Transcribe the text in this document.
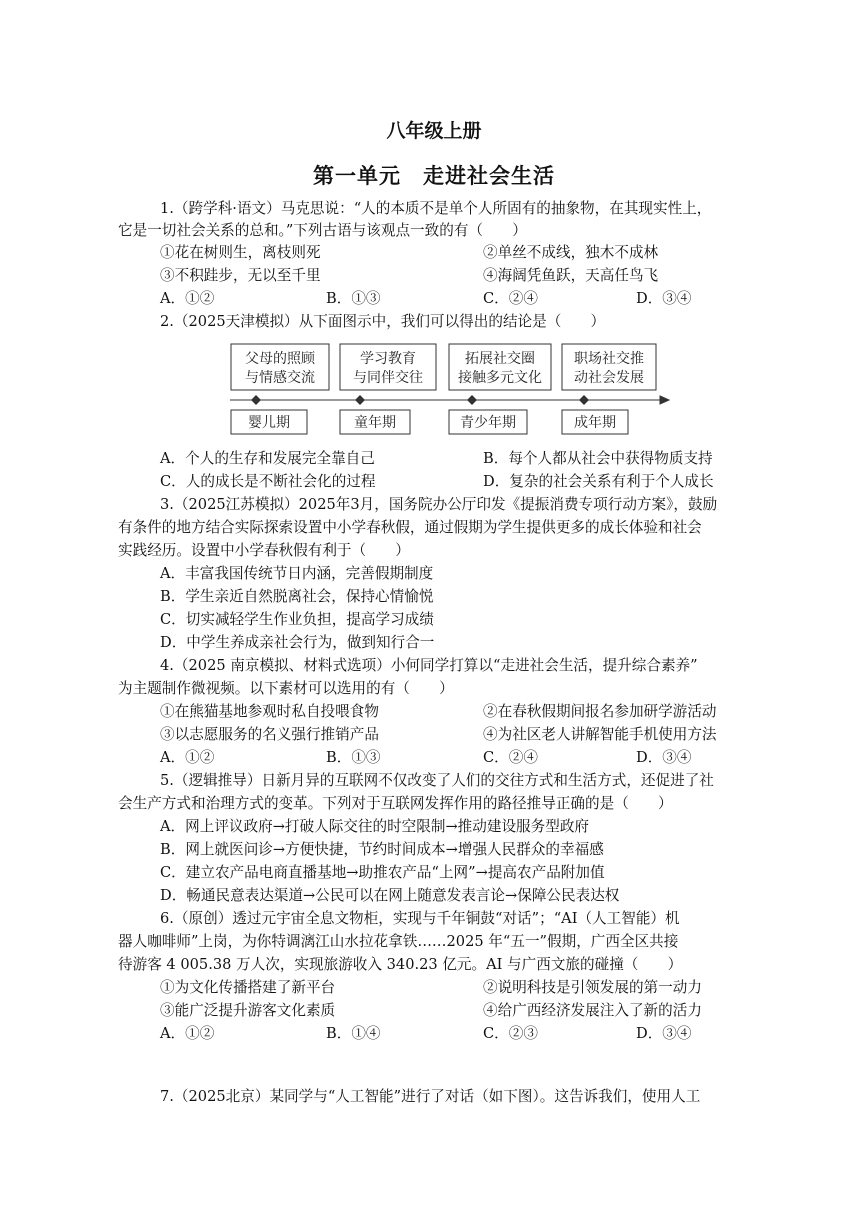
八年级上册
第一单元　走进社会生活
1.（跨学科·语文）马克思说：“人的本质不是单个人所固有的抽象物，在其现实性上，
它是一切社会关系的总和。”下列古语与该观点一致的有（　　）
①花在树则生，离枝则死	②单丝不成线，独木不成林
③不积跬步，无以至千里	④海阔凭鱼跃，天高任鸟飞
A．①②	B．①③	C．②④	D．③④
2.（2025天津模拟）从下面图示中，我们可以得出的结论是（　　）
父母的照顾
与情感交流
学习教育
与同伴交往
拓展社交圈
接触多元文化
职场社交推
动社会发展
婴儿期	童年期	青少年期	成年期
A．个人的生存和发展完全靠自己	B．每个人都从社会中获得物质支持
C．人的成长是不断社会化的过程	D．复杂的社会关系有利于个人成长
3.（2025江苏模拟）2025年3月，国务院办公厅印发《提振消费专项行动方案》，鼓励
有条件的地方结合实际探索设置中小学春秋假，通过假期为学生提供更多的成长体验和社会
实践经历。设置中小学春秋假有利于（　　）
A．丰富我国传统节日内涵，完善假期制度
B．学生亲近自然脱离社会，保持心情愉悦
C．切实减轻学生作业负担，提高学习成绩
D．中学生养成亲社会行为，做到知行合一
4.（2025 南京模拟、材料式选项）小何同学打算以“走进社会生活，提升综合素养”
为主题制作微视频。以下素材可以选用的有（　　）
①在熊猫基地参观时私自投喂食物	②在春秋假期间报名参加研学游活动
③以志愿服务的名义强行推销产品	④为社区老人讲解智能手机使用方法
A．①②	B．①③	C．②④	D．③④
5.（逻辑推导）日新月异的互联网不仅改变了人们的交往方式和生活方式，还促进了社
会生产方式和治理方式的变革。下列对于互联网发挥作用的路径推导正确的是（　　）
A．网上评议政府→打破人际交往的时空限制→推动建设服务型政府
B．网上就医问诊→方便快捷，节约时间成本→增强人民群众的幸福感
C．建立农产品电商直播基地→助推农产品“上网”→提高农产品附加值
D．畅通民意表达渠道→公民可以在网上随意发表言论→保障公民表达权
6.（原创）透过元宇宙全息文物柜，实现与千年铜鼓“对话”；“AI（人工智能）机
器人咖啡师”上岗，为你特调漓江山水拉花拿铁……2025 年“五一”假期，广西全区共接
待游客 4 005.38 万人次，实现旅游收入 340.23 亿元。AI 与广西文旅的碰撞（　　）
①为文化传播搭建了新平台	②说明科技是引领发展的第一动力
③能广泛提升游客文化素质	④给广西经济发展注入了新的活力
A．①②	B．①④	C．②③	D．③④
7.（2025北京）某同学与“人工智能”进行了对话（如下图）。这告诉我们，使用人工
